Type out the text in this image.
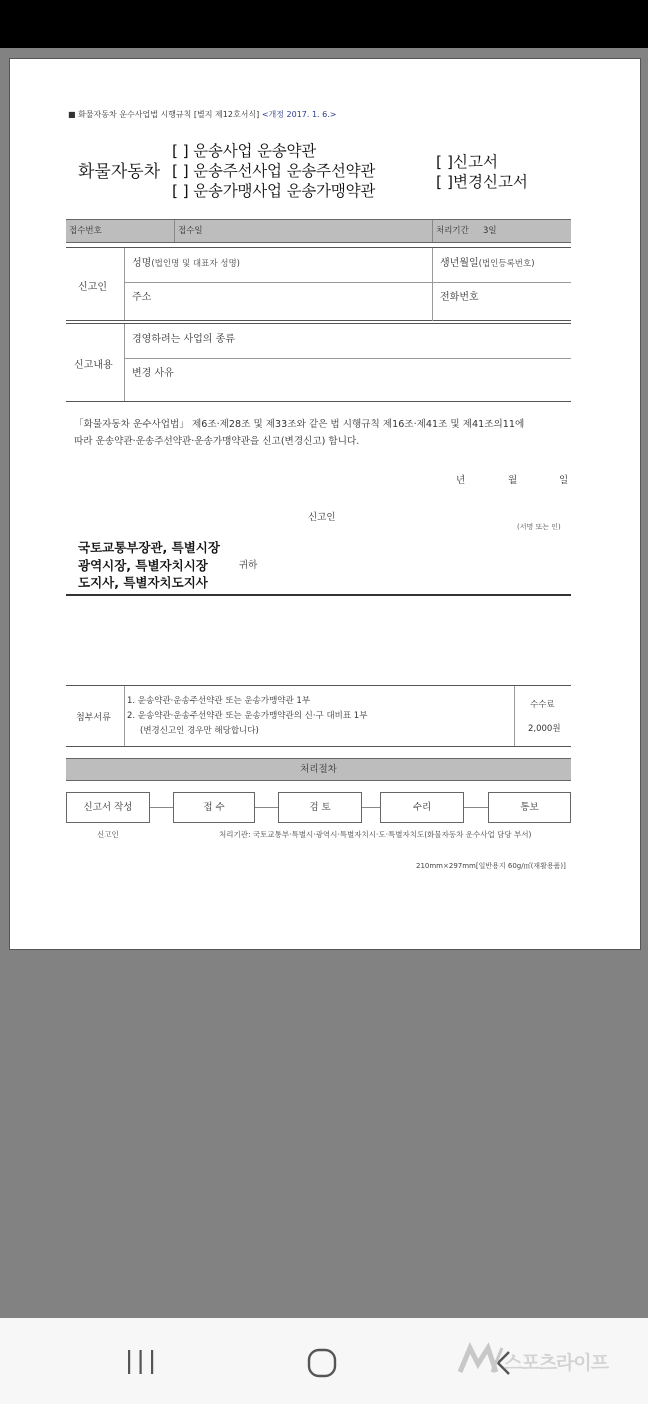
■ 화물자동차 운수사업법 시행규칙 [별지 제12호서식] <개정 2017. 1. 6.>
화물자동차
[ ] 운송사업 운송약관
[ ] 운송주선사업 운송주선약관
[ ] 운송가맹사업 운송가맹약관
[ ]신고서
[ ]변경신고서
접수번호	접수일	처리기간 3일
신고인
성명(법인명 및 대표자 성명)	생년월일(법인등록번호)
주소	전화번호
신고내용
경영하려는 사업의 종류
변경 사유
「화물자동차 운수사업법」 제6조·제28조 및 제33조와 같은 법 시행규칙 제16조·제41조 및 제41조의11에
따라 운송약관·운송주선약관·운송가맹약관을 신고(변경신고) 합니다.
년	월	일
신고인
(서명 또는 인)
국토교통부장관, 특별시장
광역시장, 특별자치시장
도지사, 특별자치도지사
귀하
첨부서류
1. 운송약관·운송주선약관 또는 운송가맹약관 1부
2. 운송약관·운송주선약관 또는 운송가맹약관의 신·구 대비표 1부
(변경신고인 경우만 해당합니다)
수수료
2,000원
처리절차
신고서 작성	접 수	검 토	수리	통보
신고인	처리기관: 국토교통부·특별시·광역시·특별자치시·도·특별자치도(화물자동차 운수사업 담당 부서)
210mm×297mm[일반용지 60g/㎡(재활용품)]
스포츠라이프
